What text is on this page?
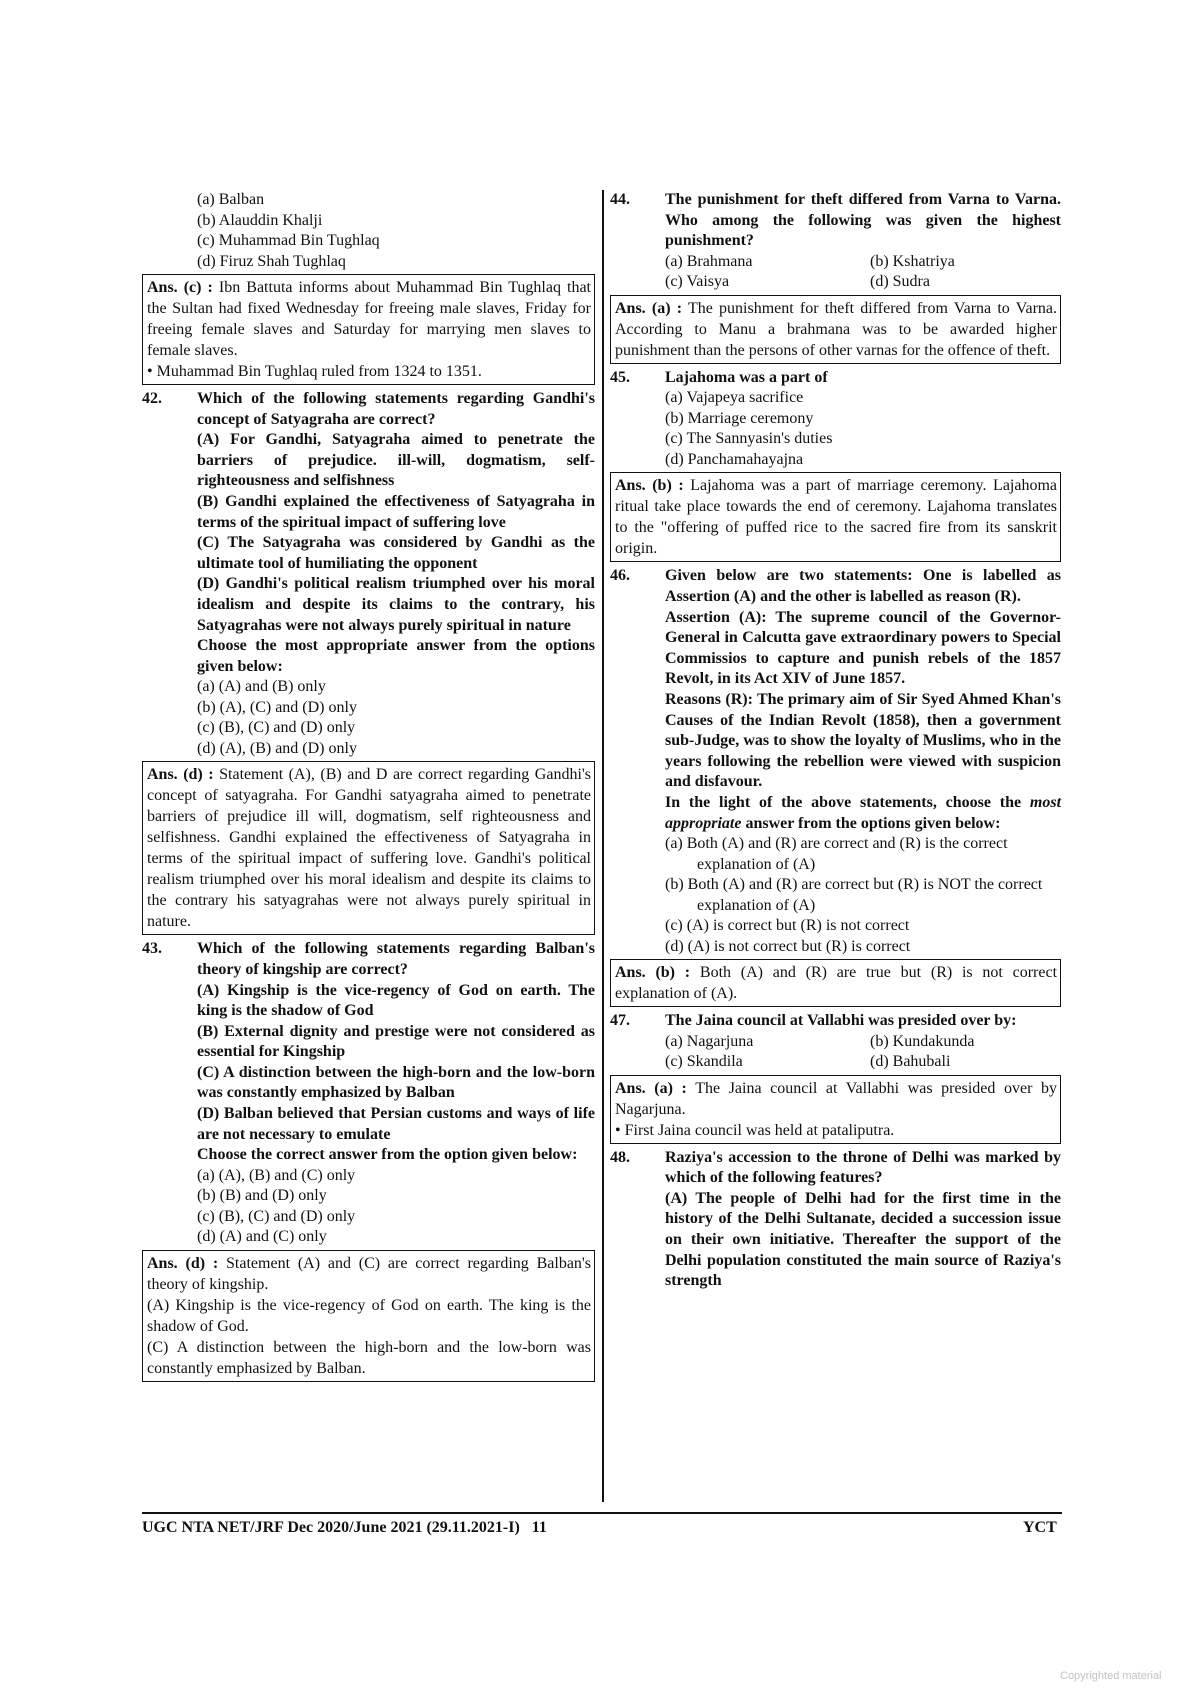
(a) Balban
(b) Alauddin Khalji
(c) Muhammad Bin Tughlaq
(d) Firuz Shah Tughlaq

Ans. (c) : Ibn Battuta informs about Muhammad Bin Tughlaq that the Sultan had fixed Wednesday for freeing male slaves, Friday for freeing female slaves and Saturday for marrying men slaves to female slaves.

• Muhammad Bin Tughlaq ruled from 1324 to 1351.

42.	Which of the following statements regarding Gandhi's concept of Satyagraha are correct?

(A) For Gandhi, Satyagraha aimed to penetrate the barriers of prejudice. ill-will, dogmatism, self-righteousness and selfishness

(B) Gandhi explained the effectiveness of Satyagraha in terms of the spiritual impact of suffering love

(C) The Satyagraha was considered by Gandhi as the ultimate tool of humiliating the opponent

(D) Gandhi's political realism triumphed over his moral idealism and despite its claims to the contrary, his Satyagrahas were not always purely spiritual in nature

Choose the most appropriate answer from the options given below:

(a) (A) and (B) only
(b) (A), (C) and (D) only
(c) (B), (C) and (D) only
(d) (A), (B) and (D) only

Ans. (d) : Statement (A), (B) and D are correct regarding Gandhi's concept of satyagraha. For Gandhi satyagraha aimed to penetrate barriers of prejudice ill will, dogmatism, self righteousness and selfishness. Gandhi explained the effectiveness of Satyagraha in terms of the spiritual impact of suffering love. Gandhi's political realism triumphed over his moral idealism and despite its claims to the contrary his satyagrahas were not always purely spiritual in nature.

43.	Which of the following statements regarding Balban's theory of kingship are correct?

(A) Kingship is the vice-regency of God on earth. The king is the shadow of God

(B) External dignity and prestige were not considered as essential for Kingship

(C) A distinction between the high-born and the low-born was constantly emphasized by Balban

(D) Balban believed that Persian customs and ways of life are not necessary to emulate

Choose the correct answer from the option given below:

(a) (A), (B) and (C) only
(b) (B) and (D) only
(c) (B), (C) and (D) only
(d) (A) and (C) only

Ans. (d) : Statement (A) and (C) are correct regarding Balban's theory of kingship.

(A) Kingship is the vice-regency of God on earth. The king is the shadow of God.

(C) A distinction between the high-born and the low-born was constantly emphasized by Balban.

44.	The punishment for theft differed from Varna to Varna. Who among the following was given the highest punishment?
(a) Brahmana	(b) Kshatriya
(c) Vaisya	(d) Sudra

Ans. (a) : The punishment for theft differed from Varna to Varna. According to Manu a brahmana was to be awarded higher punishment than the persons of other varnas for the offence of theft.

45.	Lajahoma was a part of
(a) Vajapeya sacrifice
(b) Marriage ceremony
(c) The Sannyasin's duties
(d) Panchamahayajna

Ans. (b) : Lajahoma was a part of marriage ceremony. Lajahoma ritual take place towards the end of ceremony. Lajahoma translates to the "offering of puffed rice to the sacred fire from its sanskrit origin.

46.	Given below are two statements: One is labelled as Assertion (A) and the other is labelled as reason (R).

Assertion (A): The supreme council of the Governor-General in Calcutta gave extraordinary powers to Special Commissios to capture and punish rebels of the 1857 Revolt, in its Act XIV of June 1857.

Reasons (R): The primary aim of Sir Syed Ahmed Khan's Causes of the Indian Revolt (1858), then a government sub-Judge, was to show the loyalty of Muslims, who in the years following the rebellion were viewed with suspicion and disfavour.

In the light of the above statements, choose the most appropriate answer from the options given below:

(a) Both (A) and (R) are correct and (R) is the correct explanation of (A)
(b) Both (A) and (R) are correct but (R) is NOT the correct explanation of (A)
(c) (A) is correct but (R) is not correct
(d) (A) is not correct but (R) is correct

Ans. (b) : Both (A) and (R) are true but (R) is not correct explanation of (A).

47.	The Jaina council at Vallabhi was presided over by:
(a) Nagarjuna	(b) Kundakunda
(c) Skandila	(d) Bahubali

Ans. (a) : The Jaina council at Vallabhi was presided over by Nagarjuna.

• First Jaina council was held at pataliputra.

48.	Raziya's accession to the throne of Delhi was marked by which of the following features?

(A) The people of Delhi had for the first time in the history of the Delhi Sultanate, decided a succession issue on their own initiative. Thereafter the support of the Delhi population constituted the main source of Raziya's strength

UGC NTA NET/JRF Dec 2020/June 2021 (29.11.2021-I)   11	YCT
Copyrighted material
